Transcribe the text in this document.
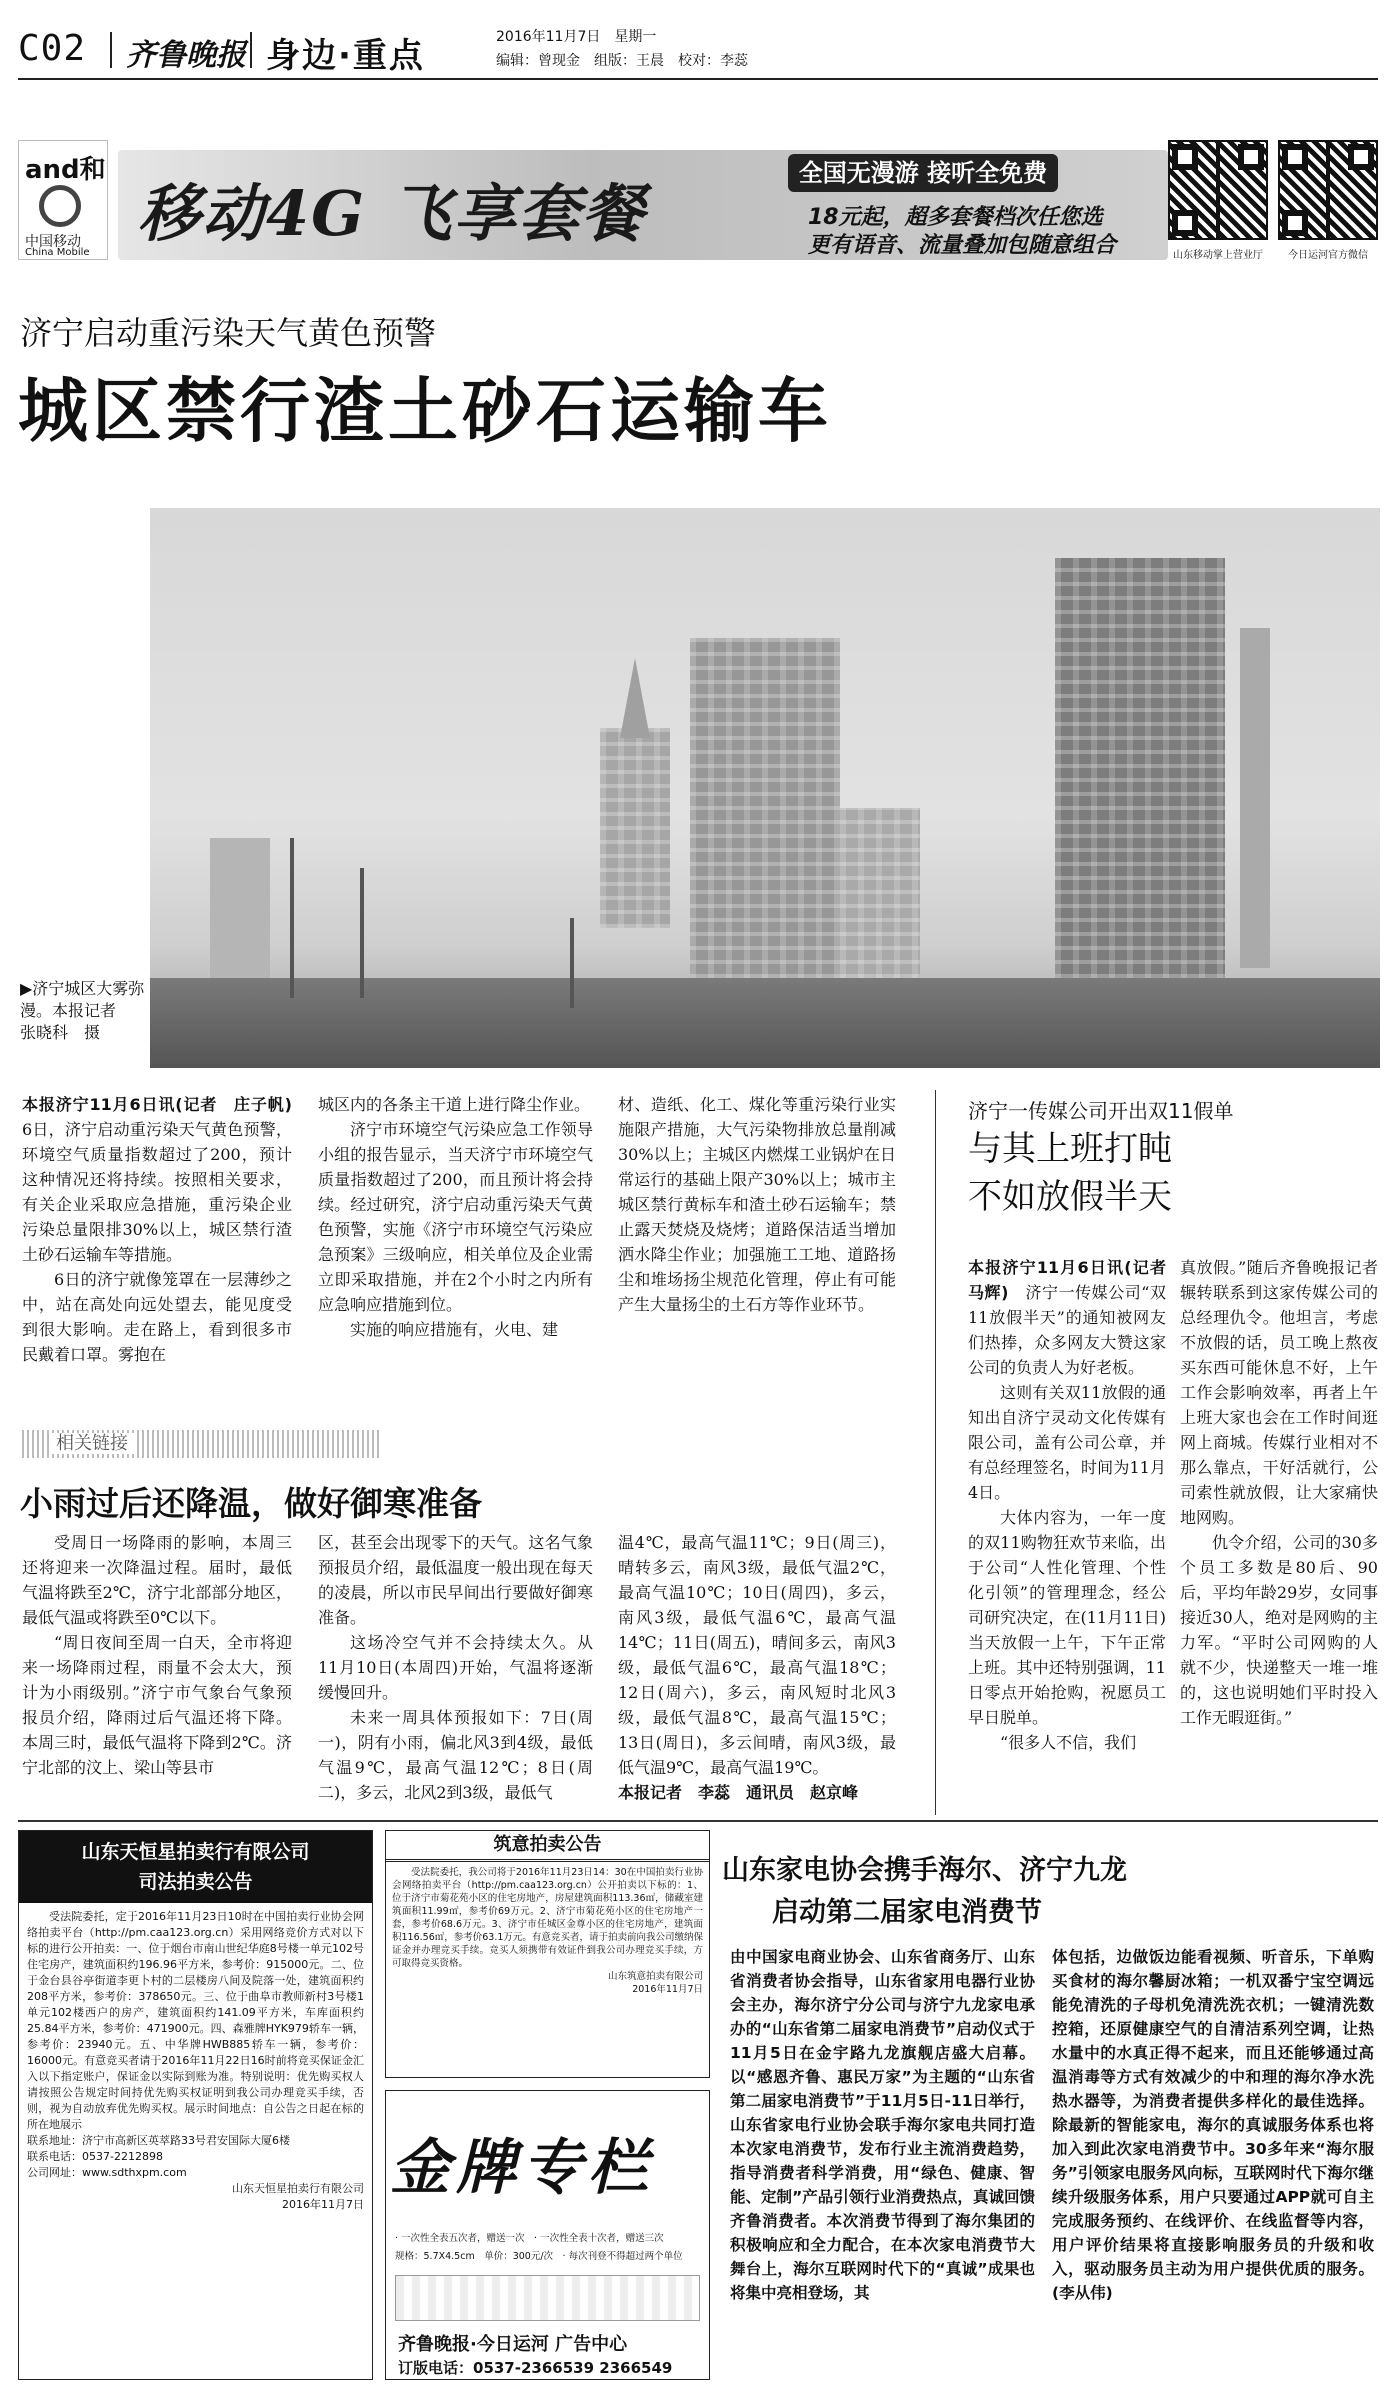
C02 齐鲁晚报 身边·重点	2016年11月7日　星期一
编辑：曾现金　组版：王晨　校对：李蕊
and和
中国移动
China Mobile
移动4G 飞享套餐
全国无漫游 接听全免费
18元起，超多套餐档次任您选
更有语音、流量叠加包随意组合	山东移动掌上营业厅	今日运河官方微信
济宁启动重污染天气黄色预警
城区禁行渣土砂石运输车
▶济宁城区大雾弥漫。本报记者　张晓科　摄

本报济宁11月6日讯(记者　庄子帆)　6日，济宁启动重污染天气黄色预警，环境空气质量指数超过了200，预计这种情况还将持续。按照相关要求，有关企业采取应急措施，重污染企业污染总量限排30%以上，城区禁行渣土砂石运输车等措施。

6日的济宁就像笼罩在一层薄纱之中，站在高处向远处望去，能见度受到很大影响。走在路上，看到很多市民戴着口罩。雾抱在

城区内的各条主干道上进行降尘作业。

济宁市环境空气污染应急工作领导小组的报告显示，当天济宁市环境空气质量指数超过了200，而且预计将会持续。经过研究，济宁启动重污染天气黄色预警，实施《济宁市环境空气污染应急预案》三级响应，相关单位及企业需立即采取措施，并在2个小时之内所有应急响应措施到位。

实施的响应措施有，火电、建

材、造纸、化工、煤化等重污染行业实施限产措施，大气污染物排放总量削减30%以上；主城区内燃煤工业锅炉在日常运行的基础上限产30%以上；城市主城区禁行黄标车和渣土砂石运输车；禁止露天焚烧及烧烤；道路保洁适当增加洒水降尘作业；加强施工工地、道路扬尘和堆场扬尘规范化管理，停止有可能产生大量扬尘的土石方等作业环节。

济宁一传媒公司开出双11假单
与其上班打盹
不如放假半天

本报济宁11月6日讯(记者　马辉)　 济宁一传媒公司“双11放假半天”的通知被网友们热捧，众多网友大赞这家公司的负责人为好老板。

这则有关双11放假的通知出自济宁灵动文化传媒有限公司，盖有公司公章，并有总经理签名，时间为11月4日。

大体内容为，一年一度的双11购物狂欢节来临，出于公司“人性化管理、个性化引领”的管理理念，经公司研究决定，在(11月11日)当天放假一上午，下午正常上班。其中还特别强调，11日零点开始抢购，祝愿员工早日脱单。

“很多人不信，我们

真放假。”随后齐鲁晚报记者辗转联系到这家传媒公司的总经理仇令。他坦言，考虑不放假的话，员工晚上熬夜买东西可能休息不好，上午工作会影响效率，再者上午上班大家也会在工作时间逛网上商城。传媒行业相对不那么靠点，干好活就行，公司索性就放假，让大家痛快地网购。

仇令介绍，公司的30多个员工多数是80后、90后，平均年龄29岁，女同事接近30人，绝对是网购的主力军。“平时公司网购的人就不少，快递整天一堆一堆的，这也说明她们平时投入工作无暇逛街。”

相关链接
小雨过后还降温，做好御寒准备

受周日一场降雨的影响，本周三还将迎来一次降温过程。届时，最低气温将跌至2℃，济宁北部部分地区，最低气温或将跌至0℃以下。

“周日夜间至周一白天，全市将迎来一场降雨过程，雨量不会太大，预计为小雨级别。”济宁市气象台气象预报员介绍，降雨过后气温还将下降。本周三时，最低气温将下降到2℃。济宁北部的汶上、梁山等县市

区，甚至会出现零下的天气。这名气象预报员介绍，最低温度一般出现在每天的凌晨，所以市民早间出行要做好御寒准备。

这场冷空气并不会持续太久。从11月10日(本周四)开始，气温将逐渐缓慢回升。

未来一周具体预报如下：7日(周一)，阴有小雨，偏北风3到4级，最低气温9℃，最高气温12℃；8日(周二)，多云，北风2到3级，最低气

温4℃，最高气温11℃；9日(周三)，晴转多云，南风3级，最低气温2℃，最高气温10℃；10日(周四)，多云，南风3级，最低气温6℃，最高气温14℃；11日(周五)，晴间多云，南风3级，最低气温6℃，最高气温18℃；12日(周六)，多云，南风短时北风3级，最低气温8℃，最高气温15℃；13日(周日)，多云间晴，南风3级，最低气温9℃，最高气温19℃。

本报记者　李蕊　通讯员　赵京峰

山东天恒星拍卖行有限公司
司法拍卖公告

受法院委托，定于2016年11月23日10时在中国拍卖行业协会网络拍卖平台（http://pm.caa123.org.cn）采用网络竞价方式对以下标的进行公开拍卖：一、位于烟台市南山世纪华庭8号楼一单元102号住宅房产，建筑面积约196.96平方米，参考价：915000元。二、位于金台县谷亭街道李更卜村的二层楼房八间及院落一处，建筑面积约208平方米，参考价：378650元。三、位于曲阜市教师新村3号楼1单元102楼西户的房产，建筑面积约141.09平方米，车库面积约25.84平方米，参考价：471900元。四、森雅牌HYK979轿车一辆，参考价：23940元。五、中华牌HWB885轿车一辆，参考价：16000元。有意竞买者请于2016年11月22日16时前将竞买保证金汇入以下指定账户，保证金以实际到账为准。特别说明：优先购买权人请按照公告规定时间持优先购买权证明到我公司办理竞买手续，否则，视为自动放弃优先购买权。展示时间地点：自公告之日起在标的所在地展示

联系地址：济宁市高新区英萃路33号君安国际大厦6楼

联系电话：0537-2212898

公司网址：www.sdthxpm.com

山东天恒星拍卖行有限公司

2016年11月7日

筑意拍卖公告

受法院委托，我公司将于2016年11月23日14：30在中国拍卖行业协会网络拍卖平台（http://pm.caa123.org.cn）公开拍卖以下标的：1、位于济宁市菊花苑小区的住宅房地产，房屋建筑面积113.36㎡，储藏室建筑面积11.99㎡，参考价69万元。2、济宁市菊花苑小区的住宅房地产一套，参考价68.6万元。3、济宁市任城区金尊小区的住宅房地产，建筑面积116.56㎡，参考价63.1万元。有意竞买者，请于拍卖前向我公司缴纳保证金并办理竞买手续。竞买人须携带有效证件到我公司办理竞买手续，方可取得竞买资格。

山东筑意拍卖有限公司

2016年11月7日

金牌专栏
· 一次性全表五次者，赠送一次　· 一次性全表十次者，赠送三次
规格：5.7X4.5cm　单价：300元/次　· 每次刊登不得超过两个单位
齐鲁晚报·今日运河 广告中心
订版电话：0537-2366539 2366549
山东家电协会携手海尔、济宁九龙
启动第二届家电消费节
由中国家电商业协会、山东省商务厅、山东省消费者协会指导，山东省家用电器行业协会主办，海尔济宁分公司与济宁九龙家电承办的“山东省第二届家电消费节”启动仪式于11月5日在金宇路九龙旗舰店盛大启幕。以“感恩齐鲁、惠民万家”为主题的“山东省第二届家电消费节”于11月5日-11日举行，山东省家电行业协会联手海尔家电共同打造本次家电消费节，发布行业主流消费趋势，指导消费者科学消费，用“绿色、健康、智能、定制”产品引领行业消费热点，真诚回馈齐鲁消费者。本次消费节得到了海尔集团的积极响应和全力配合，在本次家电消费节大舞台上，海尔互联网时代下的“真诚”成果也将集中亮相登场，其
体包括，边做饭边能看视频、听音乐，下单购买食材的海尔馨厨冰箱；一机双番宁宝空调远能免清洗的子母机免清洗洗衣机；一键清洗数控箱，还原健康空气的自清洁系列空调，让热水量中的水真正得不起来，而且还能够通过高温消毒等方式有效减少的中和理的海尔净水洗热水器等，为消费者提供多样化的最佳选择。除最新的智能家电，海尔的真诚服务体系也将加入到此次家电消费节中。30多年来“海尔服务”引领家电服务风向标，互联网时代下海尔继续升级服务体系，用户只要通过APP就可自主完成服务预约、在线评价、在线监督等内容，用户评价结果将直接影响服务员的升级和收入，驱动服务员主动为用户提供优质的服务。(李从伟)
